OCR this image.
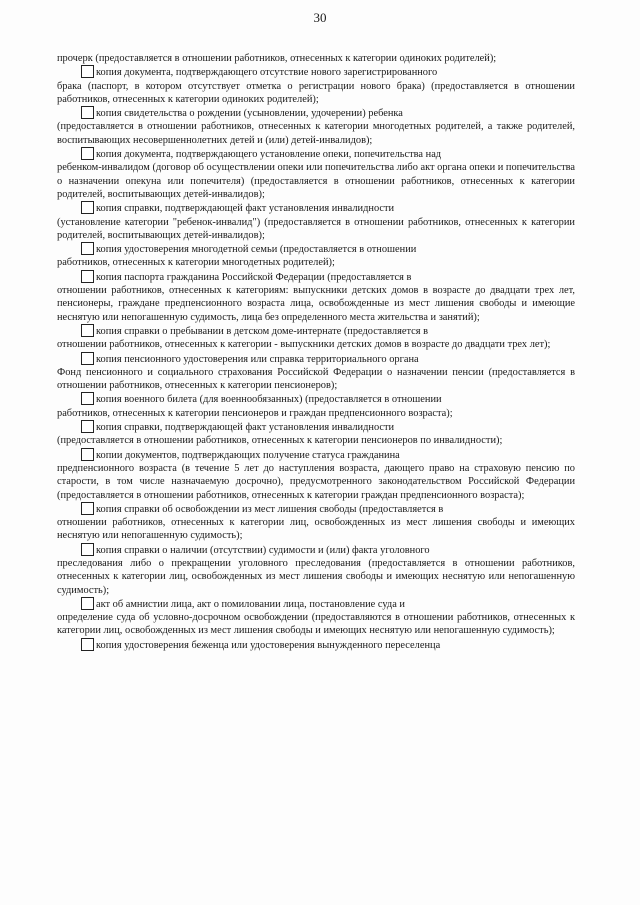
30

прочерк (предоставляется в отношении работников, отнесенных к категории одиноких родителей);

копия документа, подтверждающего отсутствие нового зарегистрированного
брака (паспорт, в котором отсутствует отметка о регистрации нового брака) (предоставляется в отношении работников, отнесенных к категории одиноких родителей);

копия свидетельства о рождении (усыновлении, удочерении) ребенка
(предоставляется в отношении работников, отнесенных к категории многодетных родителей, а также родителей, воспитывающих несовершеннолетних детей и (или) детей-инвалидов);

копия документа, подтверждающего установление опеки, попечительства над
ребенком-инвалидом (договор об осуществлении опеки или попечительства либо акт органа опеки и попечительства о назначении опекуна или попечителя) (предоставляется в отношении работников, отнесенных к категории родителей, воспитывающих детей-инвалидов);

копия справки, подтверждающей факт установления инвалидности
(установление категории "ребенок-инвалид") (предоставляется в отношении работников, отнесенных к категории родителей, воспитывающих детей-инвалидов);

копия удостоверения многодетной семьи (предоставляется в отношении
работников, отнесенных к категории многодетных родителей);

копия паспорта гражданина Российской Федерации (предоставляется в
отношении работников, отнесенных к категориям: выпускники детских домов в возрасте до двадцати трех лет, пенсионеры, граждане предпенсионного возраста лица, освобожденные из мест лишения свободы и имеющие неснятую или непогашенную судимость, лица без определенного места жительства и занятий);

копия справки о пребывании в детском доме-интернате (предоставляется в
отношении работников, отнесенных к категории - выпускники детских домов в возрасте до двадцати трех лет);

копия пенсионного удостоверения или справка территориального органа
Фонд пенсионного и социального страхования Российской Федерации о назначении пенсии (предоставляется в отношении работников, отнесенных к категории пенсионеров);

копия военного билета (для военнообязанных) (предоставляется в отношении
работников, отнесенных к категории пенсионеров и граждан предпенсионного возраста);

копия справки, подтверждающей факт установления инвалидности
(предоставляется в отношении работников, отнесенных к категории пенсионеров по инвалидности);

копии документов, подтверждающих получение статуса гражданина
предпенсионного возраста (в течение 5 лет до наступления возраста, дающего право на страховую пенсию по старости, в том числе назначаемую досрочно), предусмотренного законодательством Российской Федерации (предоставляется в отношении работников, отнесенных к категории граждан предпенсионного возраста);

копия справки об освобождении из мест лишения свободы (предоставляется в
отношении работников, отнесенных к категории лиц, освобожденных из мест лишения свободы и имеющих неснятую или непогашенную судимость);

копия справки о наличии (отсутствии) судимости и (или) факта уголовного
преследования либо о прекращении уголовного преследования (предоставляется в отношении работников, отнесенных к категории лиц, освобожденных из мест лишения свободы и имеющих неснятую или непогашенную судимость);

акт об амнистии лица, акт о помиловании лица, постановление суда и
определение суда об условно-досрочном освобождении (предоставляются в отношении работников, отнесенных к категории лиц, освобожденных из мест лишения свободы и имеющих неснятую или непогашенную судимость);

копия удостоверения беженца или удостоверения вынужденного переселенца
